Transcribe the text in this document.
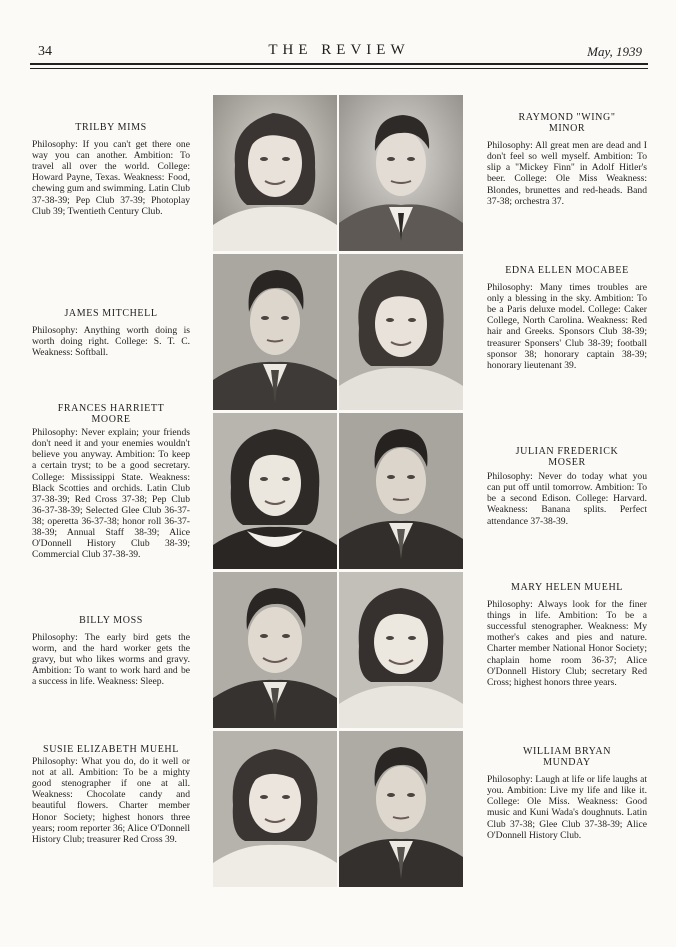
34	THE REVIEW	May, 1939
TRILBY MIMS
Philosophy: If you can't get there one way you can another. Ambition: To travel all over the world. College: Howard Payne, Texas. Weakness: Food, chewing gum and swimming. Latin Club 37-38-39; Pep Club 37-39; Photoplay Club 39; Twentieth Century Club.
JAMES MITCHELL
Philosophy: Anything worth doing is worth doing right. College: S. T. C. Weakness: Softball.
FRANCES HARRIETT MOORE
Philosophy: Never explain; your friends don't need it and your enemies wouldn't believe you anyway. Ambition: To keep a certain tryst; to be a good secretary. College: Mississippi State. Weakness: Black Scotties and orchids. Latin Club 37-38-39; Red Cross 37-38; Pep Club 36-37-38-39; Selected Glee Club 36-37-38; operetta 36-37-38; honor roll 36-37-38-39; Annual Staff 38-39; Alice O'Donnell History Club 38-39; Commercial Club 37-38-39.
BILLY MOSS
Philosophy: The early bird gets the worm, and the hard worker gets the gravy, but who likes worms and gravy. Ambition: To want to work hard and be a success in life. Weakness: Sleep.
SUSIE ELIZABETH MUEHL
Philosophy: What you do, do it well or not at all. Ambition: To be a mighty good stenographer if one at all. Weakness: Chocolate candy and beautiful flowers. Charter member Honor Society; highest honors three years; room reporter 36; Alice O'Donnell History Club; treasurer Red Cross 39.
RAYMOND "WING" MINOR
Philosophy: All great men are dead and I don't feel so well myself. Ambition: To slip a "Mickey Finn" in Adolf Hitler's beer. College: Ole Miss Weakness: Blondes, brunettes and red-heads. Band 37-38; orchestra 37.
EDNA ELLEN MOCABEE
Philosophy: Many times troubles are only a blessing in the sky. Ambition: To be a Paris deluxe model. College: Caker College, North Carolina. Weakness: Red hair and Greeks. Sponsors Club 38-39; treasurer Sponsers' Club 38-39; football sponsor 38; honorary captain 38-39; honorary lieutenant 39.
JULIAN FREDERICK MOSER
Philosophy: Never do today what you can put off until tomorrow. Ambition: To be a second Edison. College: Harvard. Weakness: Banana splits. Perfect attendance 37-38-39.
MARY HELEN MUEHL
Philosophy: Always look for the finer things in life. Ambition: To be a successful stenographer. Weakness: My mother's cakes and pies and nature. Charter member National Honor Society; chaplain home room 36-37; Alice O'Donnell History Club; secretary Red Cross; highest honors three years.
WILLIAM BRYAN MUNDAY
Philosophy: Laugh at life or life laughs at you. Ambition: Live my life and like it. College: Ole Miss. Weakness: Good music and Kuni Wada's doughnuts. Latin Club 37-38; Glee Club 37-38-39; Alice O'Donnell History Club.
